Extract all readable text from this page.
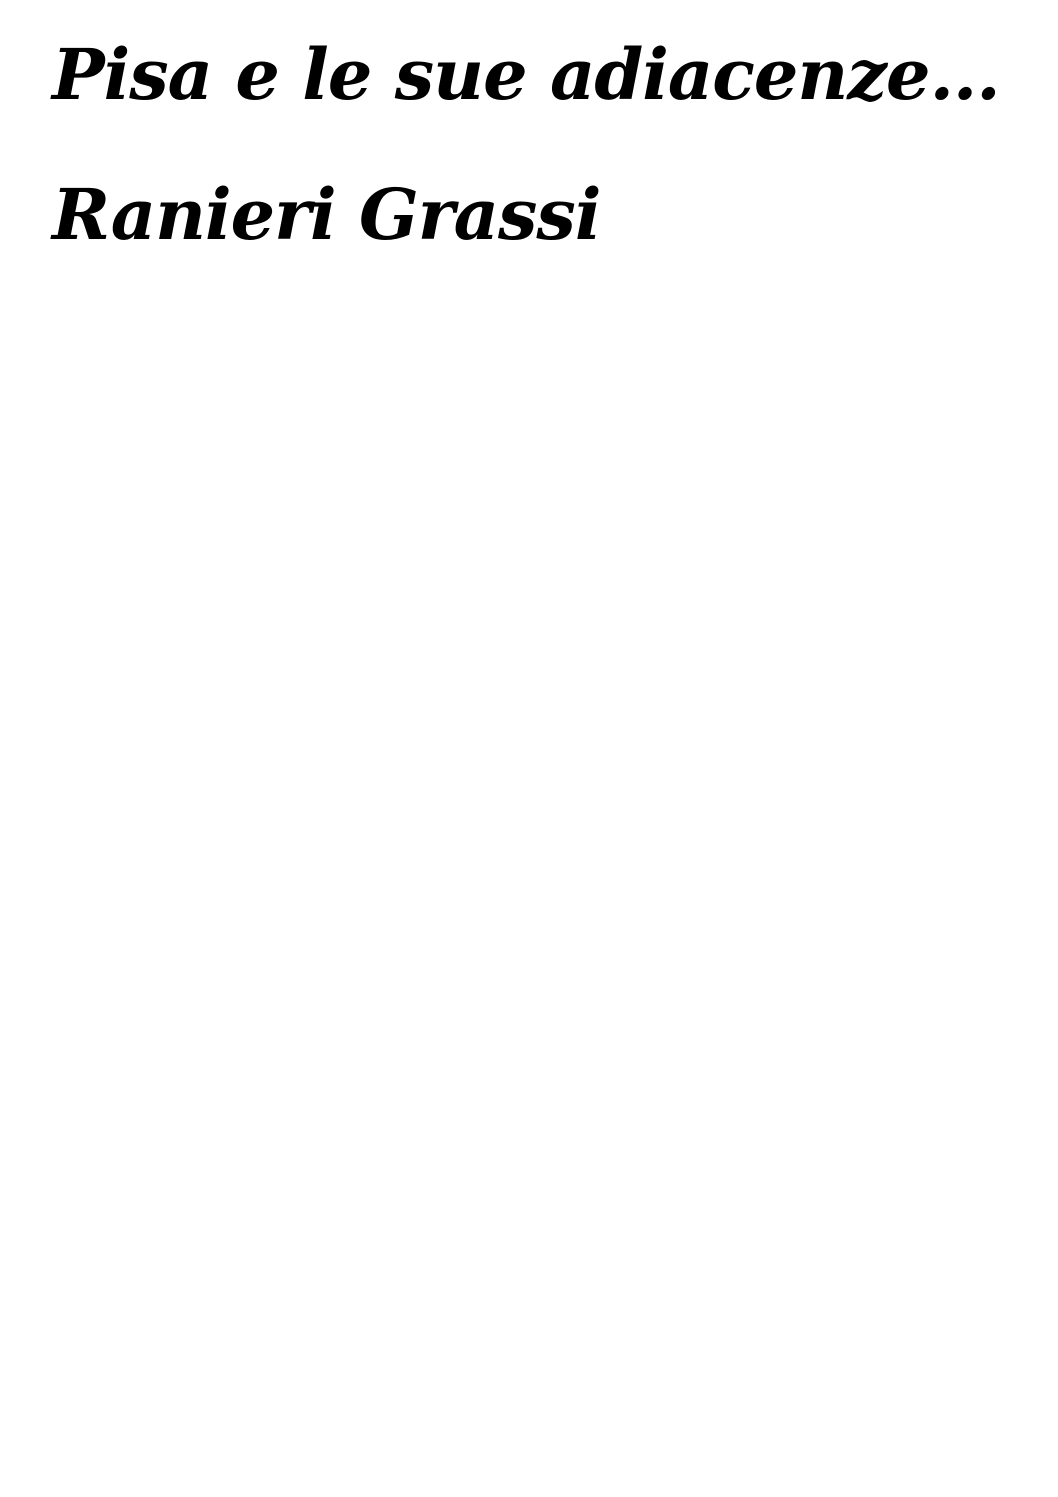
Pisa e le sue adiacenze...
Ranieri Grassi
